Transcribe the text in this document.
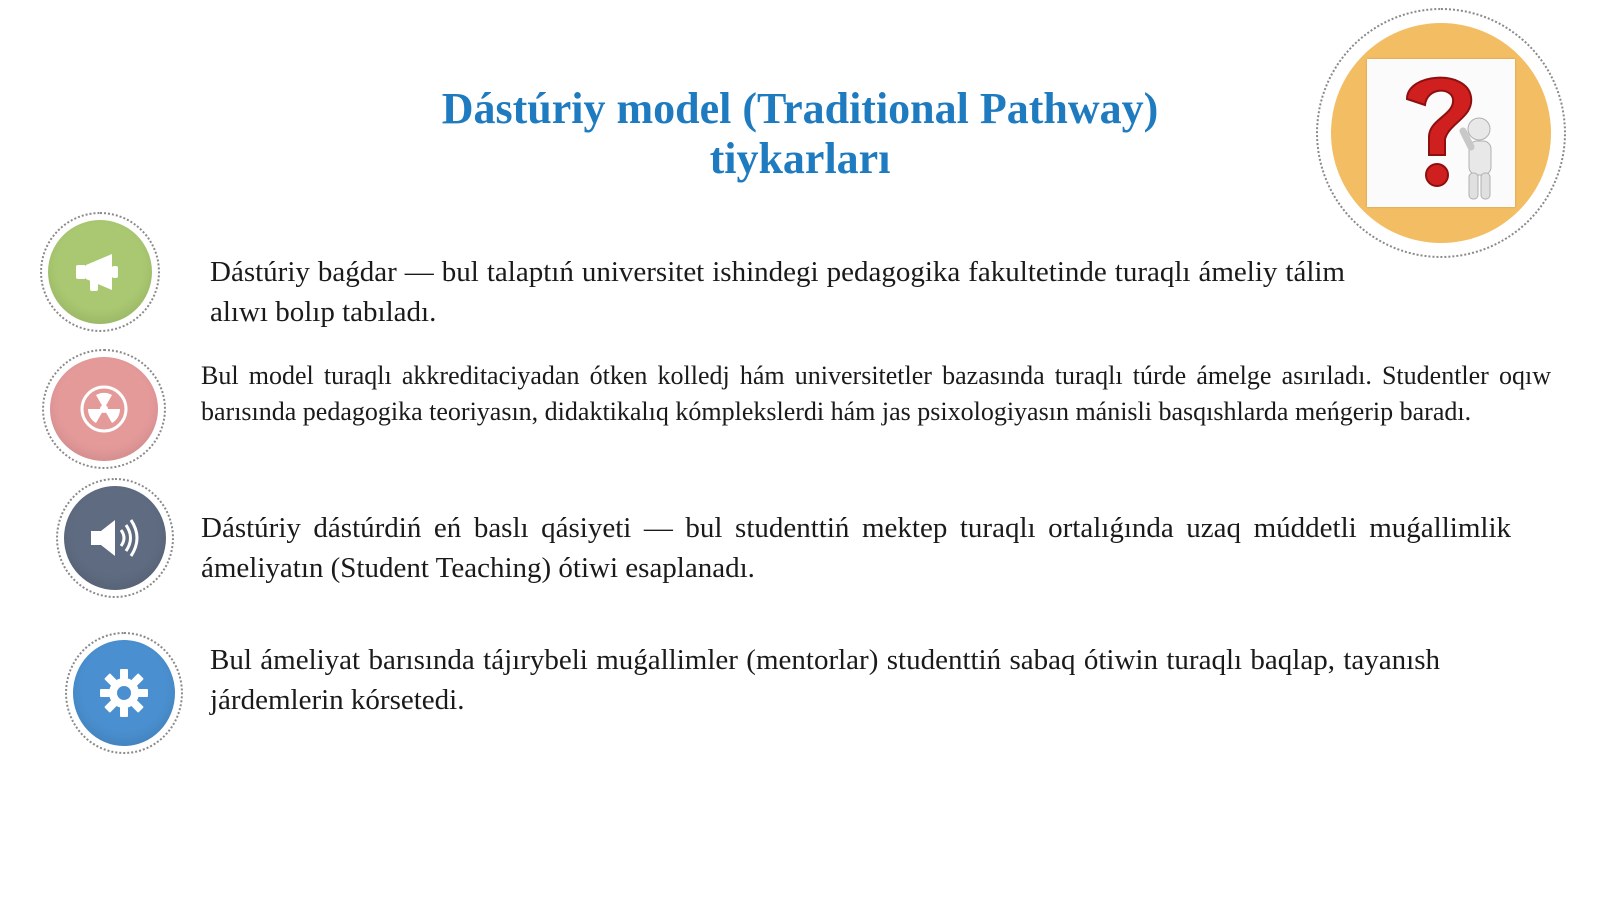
Dástúriy model (Traditional Pathway)
tiykarları
Dástúriy baǵdar — bul talaptıń universitet ishindegi pedagogika fakultetinde turaqlı ámeliy tálim alıwı bolıp tabıladı.
Bul model turaqlı akkreditaciyadan ótken kolledj hám universitetler bazasında turaqlı túrde ámelge asırıladı. Studentler oqıw barısında pedagogika teoriyasın, didaktikalıq kómplekslerdi hám jas psixologiyasın mánisli basqıshlarda meńgerip baradı.
Dástúriy dástúrdiń eń baslı qásiyeti — bul studenttiń mektep turaqlı ortalıǵında uzaq múddetli muǵallimlik ámeliyatın (Student Teaching) ótiwi esaplanadı.
Bul ámeliyat barısında tájırybeli muǵallimler (mentorlar) studenttiń sabaq ótiwin turaqlı baqlap, tayanısh járdemlerin kórsetedi.
